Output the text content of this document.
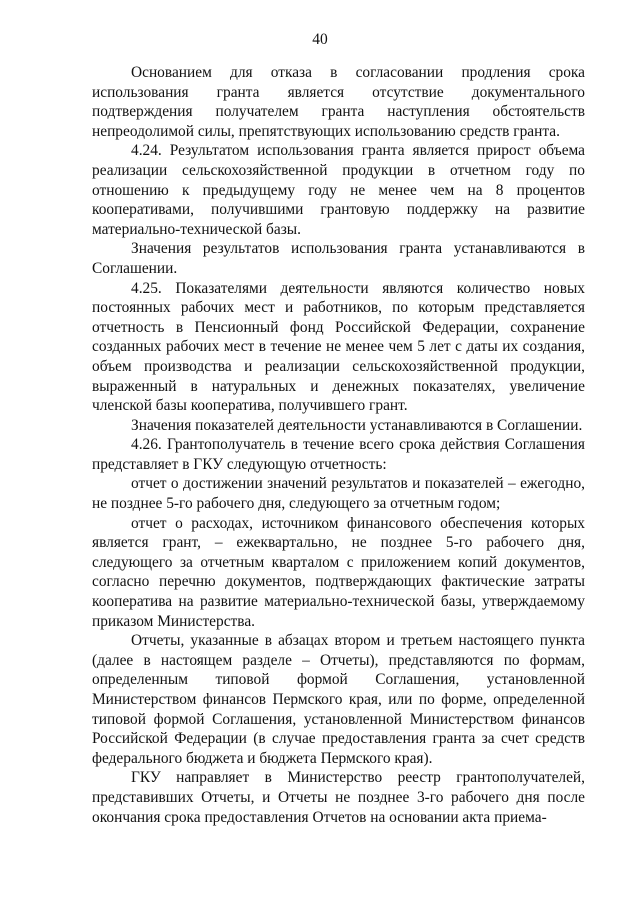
40

Основанием для отказа в согласовании продления срока использования гранта является отсутствие документального подтверждения получателем гранта наступления обстоятельств непреодолимой силы, препятствующих использованию средств гранта.

4.24. Результатом использования гранта является прирост объема реализации сельскохозяйственной продукции в отчетном году по отношению к предыдущему году не менее чем на 8 процентов кооперативами, получившими грантовую поддержку на развитие материально-технической базы.

Значения результатов использования гранта устанавливаются в Соглашении.

4.25. Показателями деятельности являются количество новых постоянных рабочих мест и работников, по которым представляется отчетность в Пенсионный фонд Российской Федерации, сохранение созданных рабочих мест в течение не менее чем 5 лет с даты их создания, объем производства и реализации сельскохозяйственной продукции, выраженный в натуральных и денежных показателях, увеличение членской базы кооператива, получившего грант.

Значения показателей деятельности устанавливаются в Соглашении.

4.26. Грантополучатель в течение всего срока действия Соглашения представляет в ГКУ следующую отчетность:

отчет о достижении значений результатов и показателей – ежегодно, не позднее 5-го рабочего дня, следующего за отчетным годом;

отчет о расходах, источником финансового обеспечения которых является грант, – ежеквартально, не позднее 5-го рабочего дня, следующего за отчетным кварталом с приложением копий документов, согласно перечню документов, подтверждающих фактические затраты кооператива на развитие материально-технической базы, утверждаемому приказом Министерства.

Отчеты, указанные в абзацах втором и третьем настоящего пункта (далее в настоящем разделе – Отчеты), представляются по формам, определенным типовой формой Соглашения, установленной Министерством финансов Пермского края, или по форме, определенной типовой формой Соглашения, установленной Министерством финансов Российской Федерации (в случае предоставления гранта за счет средств федерального бюджета и бюджета Пермского края).

ГКУ направляет в Министерство реестр грантополучателей, представивших Отчеты, и Отчеты не позднее 3-го рабочего дня после окончания срока предоставления Отчетов на основании акта приема-
